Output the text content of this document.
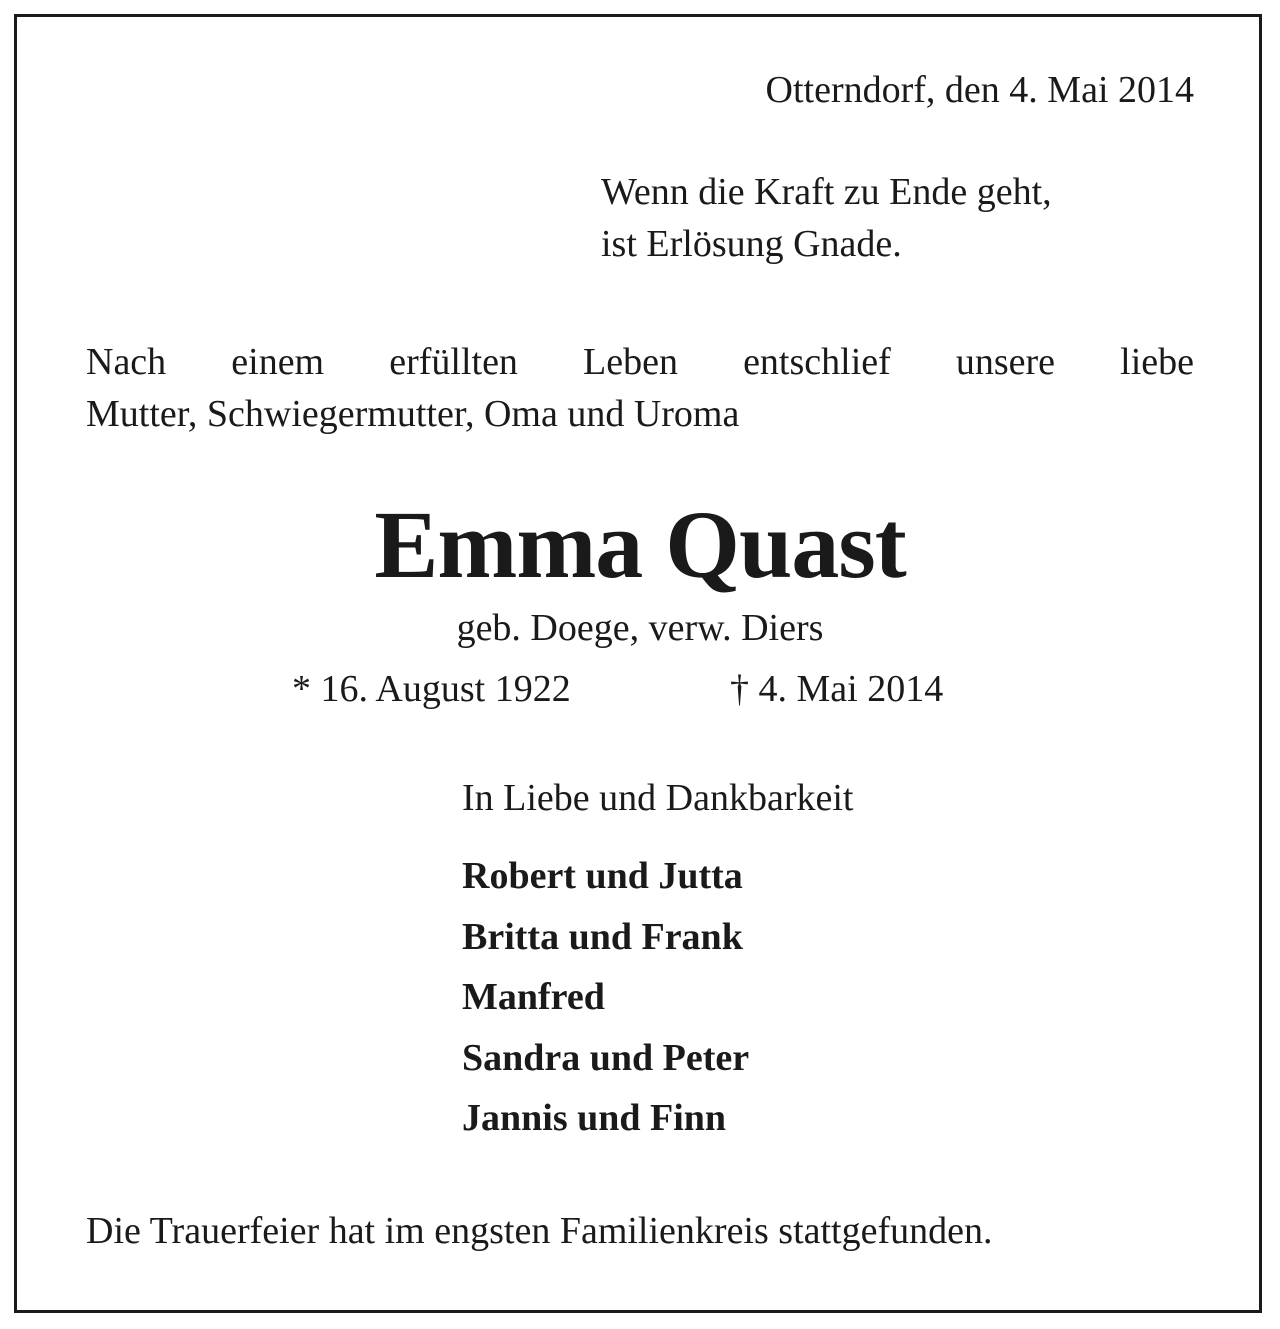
Otterndorf, den 4. Mai 2014
Wenn die Kraft zu Ende geht,
ist Erlösung Gnade.
Nach einem erfüllten Leben entschlief unsere liebe
Mutter, Schwiegermutter, Oma und Uroma
Emma Quast
geb. Doege, verw. Diers
* 16. August 1922	† 4. Mai 2014
In Liebe und Dankbarkeit
Robert und Jutta
Britta und Frank
Manfred
Sandra und Peter
Jannis und Finn
Die Trauerfeier hat im engsten Familienkreis stattgefunden.
